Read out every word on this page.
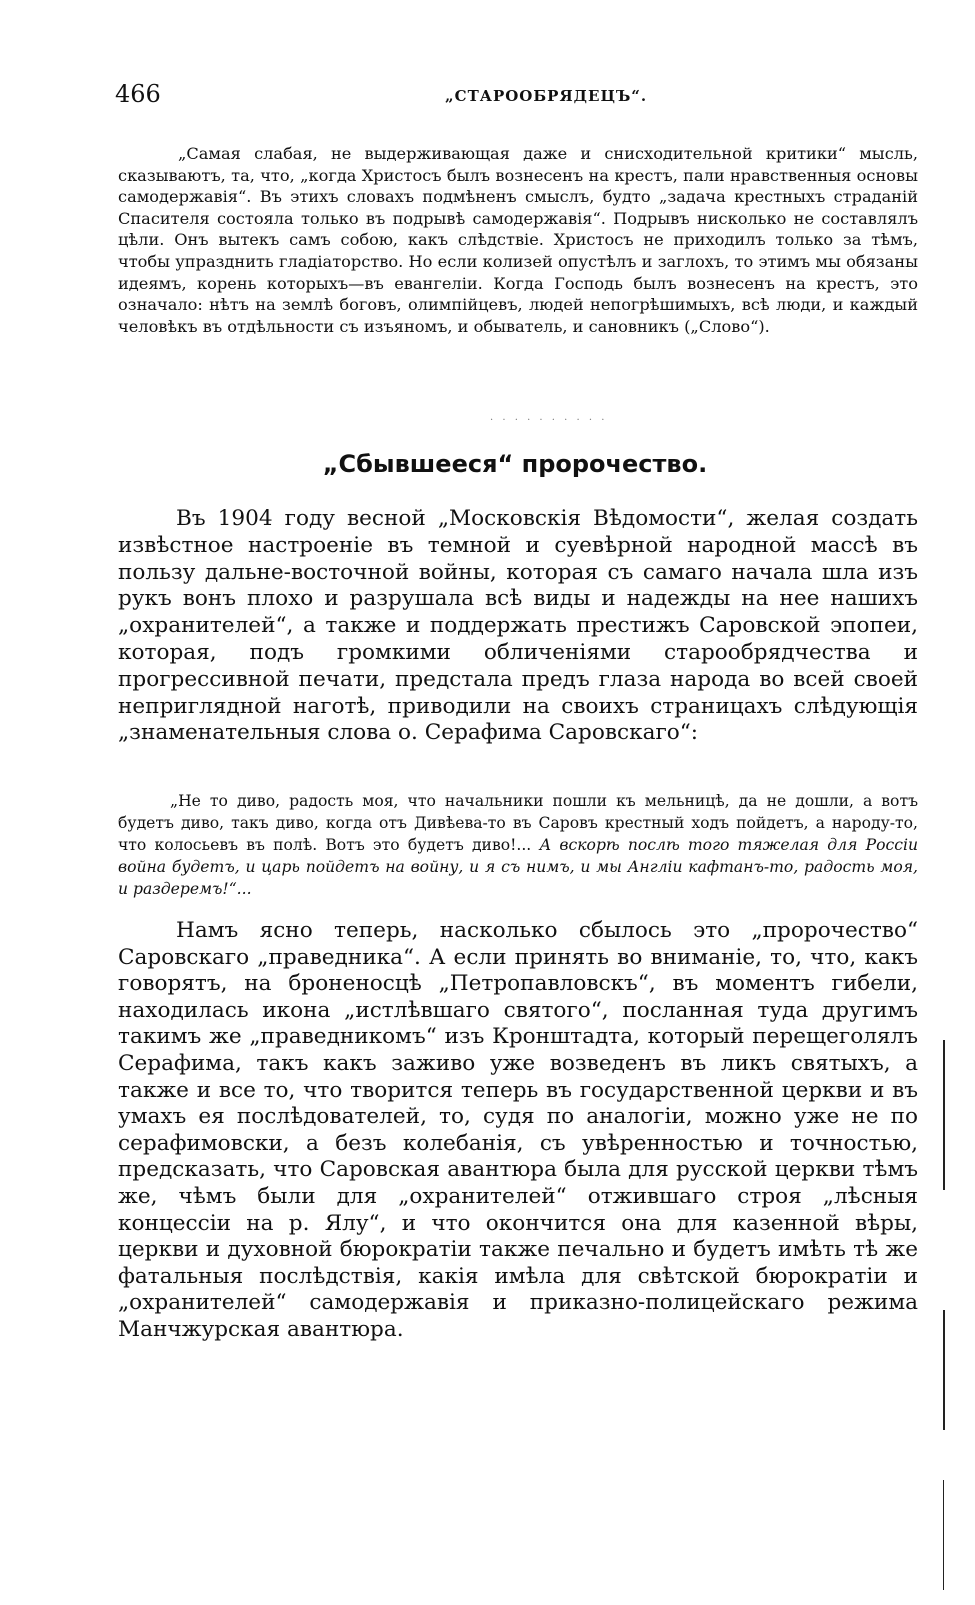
466	„СТАРООБРЯДЕЦЪ“.

„Самая слабая, не выдерживающая даже и снисходительной критики“ мысль, сказываютъ, та, что, „когда Христосъ былъ вознесенъ на крестъ, пали нравственныя основы самодержавія“. Въ этихъ словахъ подмѣненъ смыслъ, будто „задача крестныхъ страданій Спасителя состояла только въ подрывѣ самодержавія“. Подрывъ нисколько не составлялъ цѣли. Онъ вытекъ самъ собою, какъ слѣдствіе. Христосъ не приходилъ только за тѣмъ, чтобы упразднить гладіаторство. Но если колизей опустѣлъ и заглохъ, то этимъ мы обязаны идеямъ, корень которыхъ—въ евангеліи. Когда Господь былъ вознесенъ на крестъ, это означало: нѣтъ на землѣ боговъ, олимпійцевъ, людей непогрѣшимыхъ, всѣ люди, и каждый человѣкъ въ отдѣльности съ изъяномъ, и обыватель, и сановникъ („Слово“).

. . . . . . . . . .
„Сбывшееся“ пророчество.

Въ 1904 году весной „Московскія Вѣдомости“, желая создать извѣстное настроеніе въ темной и суевѣрной народной массѣ въ пользу дальне-восточной войны, которая съ самаго начала шла изъ рукъ вонъ плохо и разрушала всѣ виды и надежды на нее нашихъ „охранителей“, а также и поддержать престижъ Саровской эпопеи, которая, подъ громкими обличеніями старообрядчества и прогрессивной печати, предстала предъ глаза народа во всей своей неприглядной наготѣ, приводили на своихъ страницахъ слѣдующія „знаменательныя слова о. Серафима Саровскаго“:

„Не то диво, радость моя, что начальники пошли къ мельницѣ, да не дошли, а вотъ будетъ диво, такъ диво, когда отъ Дивѣева-то въ Саровъ крестный ходъ пойдетъ, а народу-то, что колосьевъ въ полѣ. Вотъ это будетъ диво!... А вскорѣ послѣ того тяжелая для Россіи война будетъ, и царь пойдетъ на войну, и я съ нимъ, и мы Англіи кафтанъ-то, радость моя, и раздеремъ!“...

Намъ ясно теперь, насколько сбылось это „пророчество“ Саровскаго „праведника“. А если принять во вниманіе, то, что, какъ говорятъ, на броненосцѣ „Петропавловскъ“, въ моментъ гибели, находилась икона „истлѣвшаго святого“, посланная туда другимъ такимъ же „праведникомъ“ изъ Кронштадта, который перещеголялъ Серафима, такъ какъ заживо уже возведенъ въ ликъ святыхъ, а также и все то, что творится теперь въ государственной церкви и въ умахъ ея послѣдователей, то, судя по аналогіи, можно уже не по серафимовски, а безъ колебанія, съ увѣренностью и точностью, предсказать, что Саровская авантюра была для русской церкви тѣмъ же, чѣмъ были для „охранителей“ отжившаго строя „лѣсныя концессіи на р. Ялу“, и что окончится она для казенной вѣры, церкви и духовной бюрократіи также печально и будетъ имѣть тѣ же фатальныя послѣдствія, какія имѣла для свѣтской бюрократіи и „охранителей“ самодержавія и приказно-полицейскаго режима Манчжурская авантюра.
